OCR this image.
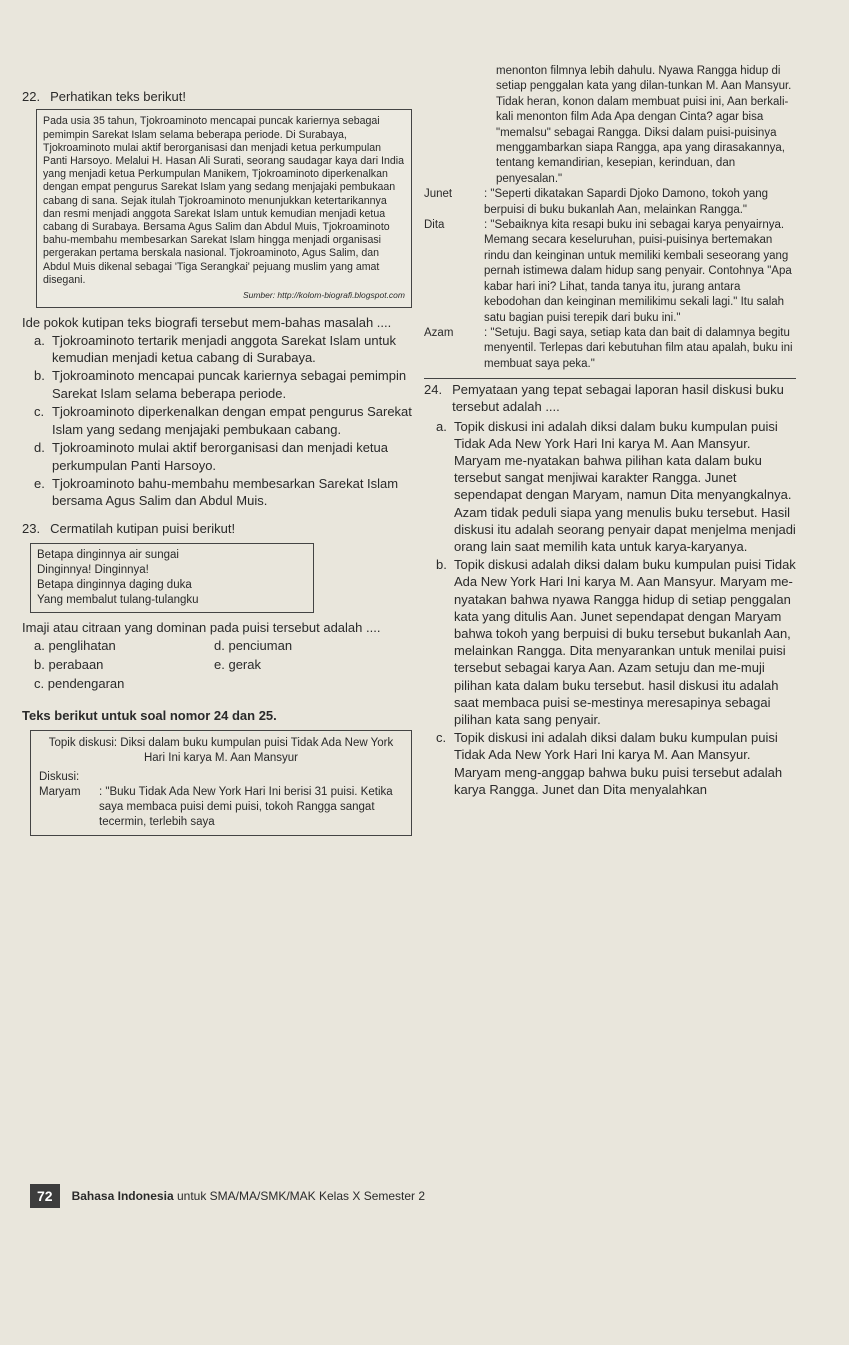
22. Perhatikan teks berikut!

Pada usia 35 tahun, Tjokroaminoto mencapai puncak kariernya sebagai pemimpin Sarekat Islam selama beberapa periode. Di Surabaya, Tjokroaminoto mulai aktif berorganisasi dan menjadi ketua perkumpulan Panti Harsoyo. Melalui H. Hasan Ali Surati, seorang saudagar kaya dari India yang menjadi ketua Perkumpulan Manikem, Tjokroaminoto diperkenalkan dengan empat pengurus Sarekat Islam yang sedang menjajaki pembukaan cabang di sana. Sejak itulah Tjokroaminoto menunjukkan ketertarikannya dan resmi menjadi anggota Sarekat Islam untuk kemudian menjadi ketua cabang di Surabaya. Bersama Agus Salim dan Abdul Muis, Tjokroaminoto bahu-membahu membesarkan Sarekat Islam hingga menjadi organisasi pergerakan pertama berskala nasional. Tjokroaminoto, Agus Salim, dan Abdul Muis dikenal sebagai 'Tiga Serangkai' pejuang muslim yang amat disegani.

Sumber: http://kolom-biografi.blogspot.com
Ide pokok kutipan teks biografi tersebut mem-bahas masalah ....
a. Tjokroaminoto tertarik menjadi anggota Sarekat Islam untuk kemudian menjadi ketua cabang di Surabaya.
b. Tjokroaminoto mencapai puncak kariernya sebagai pemimpin Sarekat Islam selama beberapa periode.
c. Tjokroaminoto diperkenalkan dengan empat pengurus Sarekat Islam yang sedang menjajaki pembukaan cabang.
d. Tjokroaminoto mulai aktif berorganisasi dan menjadi ketua perkumpulan Panti Harsoyo.
e. Tjokroaminoto bahu-membahu membesarkan Sarekat Islam bersama Agus Salim dan Abdul Muis.
23. Cermatilah kutipan puisi berikut!
Betapa dinginnya air sungai
Dinginnya! Dinginnya!
Betapa dinginnya daging duka
Yang membalut tulang-tulangku
Imaji atau citraan yang dominan pada puisi tersebut adalah ....
a. penglihatan	d. penciuman
b. perabaan	e. gerak
c. pendengaran
Teks berikut untuk soal nomor 24 dan 25.
Topik diskusi: Diksi dalam buku kumpulan puisi Tidak Ada New York Hari Ini karya M. Aan Mansyur
Diskusi:
Maryam	: "Buku Tidak Ada New York Hari Ini berisi 31 puisi. Ketika saya membaca puisi demi puisi, tokoh Rangga sangat tecermin, terlebih saya
menonton filmnya lebih dahulu. Nyawa Rangga hidup di setiap penggalan kata yang dilan-tunkan M. Aan Mansyur. Tidak heran, konon dalam membuat puisi ini, Aan berkali-kali menonton film Ada Apa dengan Cinta? agar bisa "memalsu" sebagai Rangga. Diksi dalam puisi-puisinya menggambarkan siapa Rangga, apa yang dirasakannya, tentang kemandirian, kesepian, kerinduan, dan penyesalan."
Junet	: "Seperti dikatakan Sapardi Djoko Damono, tokoh yang berpuisi di buku bukanlah Aan, melainkan Rangga."
Dita	: "Sebaiknya kita resapi buku ini sebagai karya penyairnya. Memang secara keseluruhan, puisi-puisinya bertemakan rindu dan keinginan untuk memiliki kembali seseorang yang pernah istimewa dalam hidup sang penyair. Contohnya "Apa kabar hari ini? Lihat, tanda tanya itu, jurang antara kebodohan dan keinginan memilikimu sekali lagi." Itu salah satu bagian puisi terepik dari buku ini."
Azam	: "Setuju. Bagi saya, setiap kata dan bait di dalamnya begitu menyentil. Terlepas dari kebutuhan film atau apalah, buku ini membuat saya peka."
24. Pemyataan yang tepat sebagai laporan hasil diskusi buku tersebut adalah ....
a. Topik diskusi ini adalah diksi dalam buku kumpulan puisi Tidak Ada New York Hari Ini karya M. Aan Mansyur. Maryam me-nyatakan bahwa pilihan kata dalam buku tersebut sangat menjiwai karakter Rangga. Junet sependapat dengan Maryam, namun Dita menyangkalnya. Azam tidak peduli siapa yang menulis buku tersebut. Hasil diskusi itu adalah seorang penyair dapat menjelma menjadi orang lain saat memilih kata untuk karya-karyanya.
b. Topik diskusi adalah diksi dalam buku kumpulan puisi Tidak Ada New York Hari Ini karya M. Aan Mansyur. Maryam me-nyatakan bahwa nyawa Rangga hidup di setiap penggalan kata yang ditulis Aan. Junet sependapat dengan Maryam bahwa tokoh yang berpuisi di buku tersebut bukanlah Aan, melainkan Rangga. Dita menyarankan untuk menilai puisi tersebut sebagai karya Aan. Azam setuju dan me-muji pilihan kata dalam buku tersebut. hasil diskusi itu adalah saat membaca puisi se-mestinya meresapinya sebagai pilihan kata sang penyair.
c. Topik diskusi ini adalah diksi dalam buku kumpulan puisi Tidak Ada New York Hari Ini karya M. Aan Mansyur. Maryam meng-anggap bahwa buku puisi tersebut adalah karya Rangga. Junet dan Dita menyalahkan
72	Bahasa Indonesia untuk SMA/MA/SMK/MAK Kelas X Semester 2
